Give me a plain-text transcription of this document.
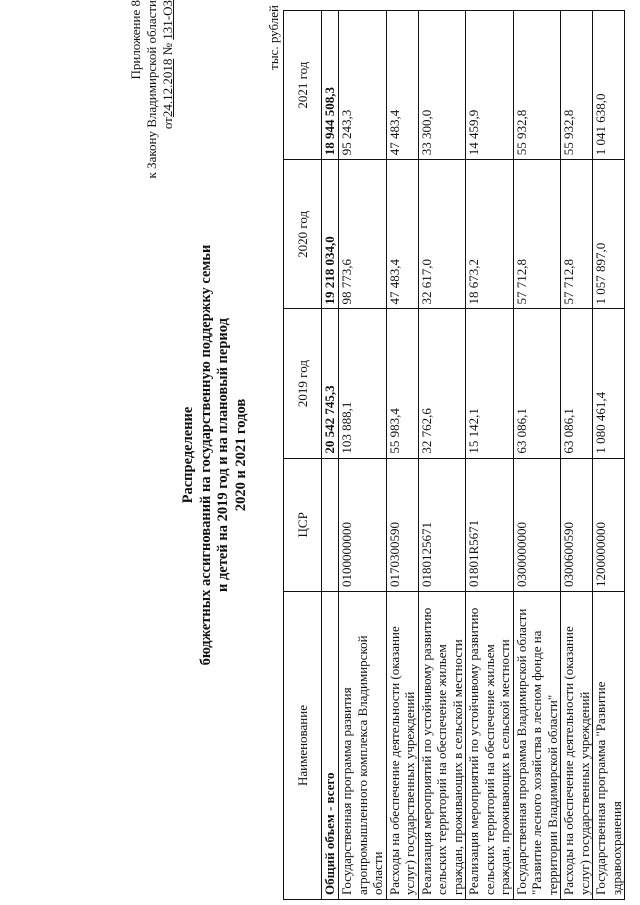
Приложение 8 к Закону Владимирской области от24.12.2018 № 131-ОЗ
Распределение бюджетных ассигнований на государственную поддержку семьи и детей на 2019 год и на плановый период 2020 и 2021 годов
тыс. рублей
Наименование	ЦСР	2019 год	2020 год	2021 год
Общий объем - всего		20 542 745,3	19 218 034,0	18 944 508,3
Государственная программа развития агропромышленного комплекса Владимирской области	0100000000	103 888,1	98 773,6	95 243,3
Расходы на обеспечение деятельности (оказание услуг) государственных учреждений	0170300590	55 983,4	47 483,4	47 483,4
Реализация мероприятий по устойчивому развитию сельских территорий на обеспечение жильем граждан, проживающих в сельской местности	0180125671	32 762,6	32 617,0	33 300,0
Реализация мероприятий по устойчивому развитию сельских территорий на обеспечение жильем граждан, проживающих в сельской местности	01801R5671	15 142,1	18 673,2	14 459,9
Государственная программа Владимирской области "Развитие лесного хозяйства в лесном фонде на территории Владимирской области"	0300000000	63 086,1	57 712,8	55 932,8
Расходы на обеспечение деятельности (оказание услуг) государственных учреждений	0300600590	63 086,1	57 712,8	55 932,8
Государственная программа "Развитие здравоохранения	1200000000	1 080 461,4	1 057 897,0	1 041 638,0
